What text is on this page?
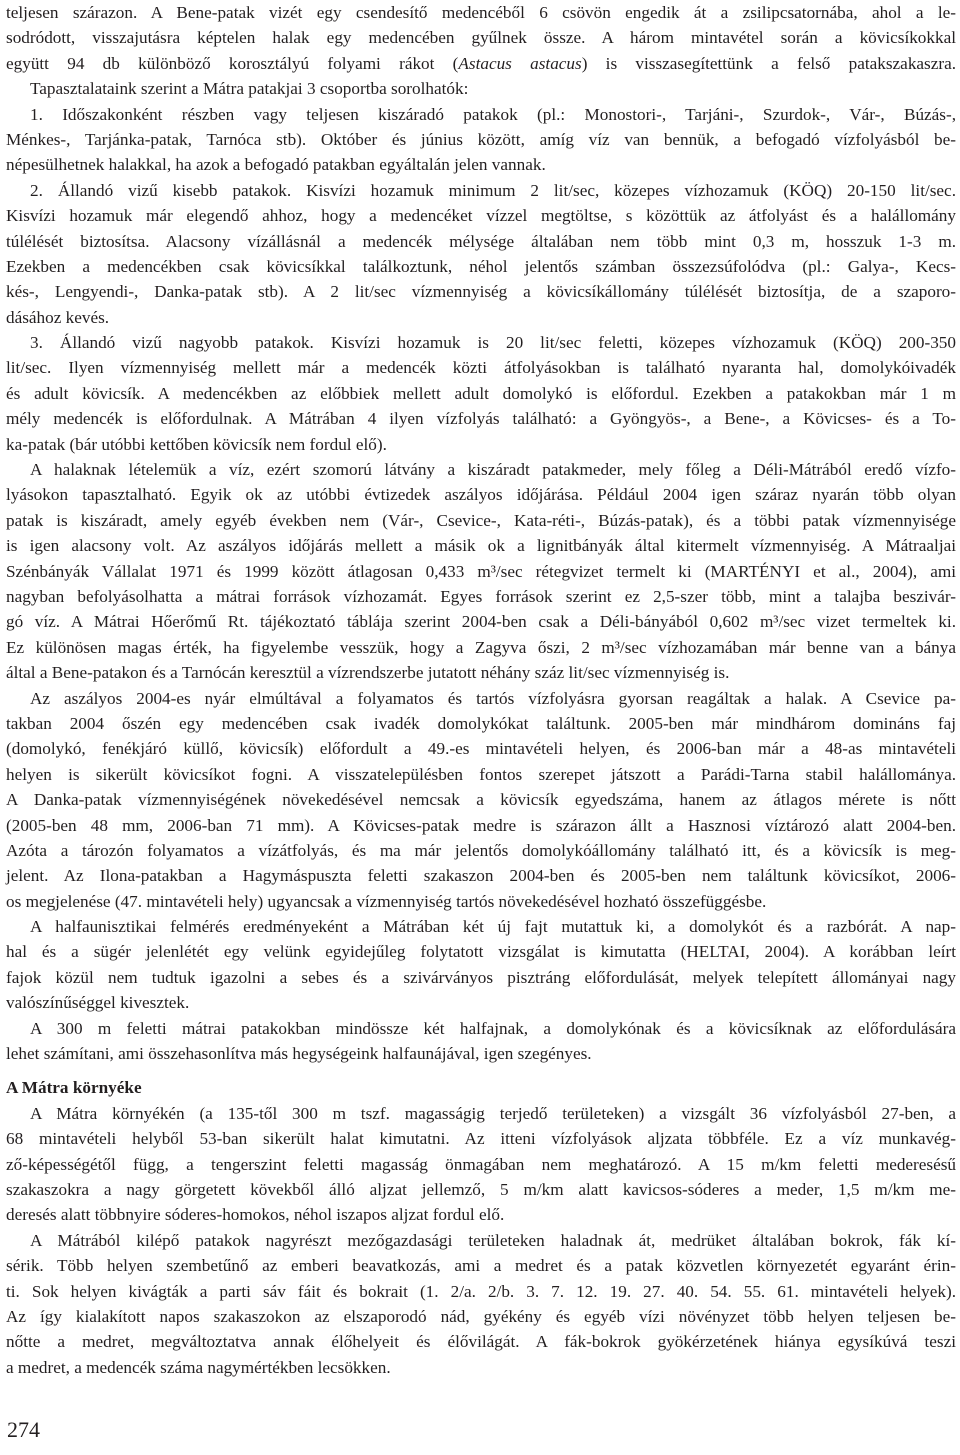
teljesen szárazon. A Bene-patak vizét egy csendesítő medencéből 6 csövön engedik át a zsilipcsatornába, ahol a le-

sodródott, visszajutásra képtelen halak egy medencében gyűlnek össze. A három mintavétel során a kövicsíkokkal

együtt 94 db különböző korosztályú folyami rákot (Astacus astacus) is visszasegítettünk a felső patakszakaszra.

Tapasztalataink szerint a Mátra patakjai 3 csoportba sorolhatók:

1. Időszakonként részben vagy teljesen kiszáradó patakok (pl.: Monostori-, Tarjáni-, Szurdok-, Vár-, Búzás-,

Ménkes-, Tarjánka-patak, Tarnóca stb). Október és június között, amíg víz van bennük, a befogadó vízfolyásból be-

népesülhetnek halakkal, ha azok a befogadó patakban egyáltalán jelen vannak.

2. Állandó vizű kisebb patakok. Kisvízi hozamuk minimum 2 lit/sec, közepes vízhozamuk (KÖQ) 20-150 lit/sec.

Kisvízi hozamuk már elegendő ahhoz, hogy a medencéket vízzel megtöltse, s közöttük az átfolyást és a halállomány

túlélését biztosítsa. Alacsony vízállásnál a medencék mélysége általában nem több mint 0,3 m, hosszuk 1-3 m.

Ezekben a medencékben csak kövicsíkkal találkoztunk, néhol jelentős számban összezsúfolódva (pl.: Galya-, Kecs-

kés-, Lengyendi-, Danka-patak stb). A 2 lit/sec vízmennyiség a kövicsíkállomány túlélését biztosítja, de a szaporo-

dásához kevés.

3. Állandó vizű nagyobb patakok. Kisvízi hozamuk is 20 lit/sec feletti, közepes vízhozamuk (KÖQ) 200-350

lit/sec. Ilyen vízmennyiség mellett már a medencék közti átfolyásokban is található nyaranta hal, domolykóivadék

és adult kövicsík. A medencékben az előbbiek mellett adult domolykó is előfordul. Ezekben a patakokban már 1 m

mély medencék is előfordulnak. A Mátrában 4 ilyen vízfolyás található: a Gyöngyös-, a Bene-, a Kövicses- és a To-

ka-patak (bár utóbbi kettőben kövicsík nem fordul elő).

A halaknak lételemük a víz, ezért szomorú látvány a kiszáradt patakmeder, mely főleg a Déli-Mátrából eredő vízfo-

lyásokon tapasztalható. Egyik ok az utóbbi évtizedek aszályos időjárása. Például 2004 igen száraz nyarán több olyan

patak is kiszáradt, amely egyéb években nem (Vár-, Csevice-, Kata-réti-, Búzás-patak), és a többi patak vízmennyisége

is igen alacsony volt. Az aszályos időjárás mellett a másik ok a lignitbányák által kitermelt vízmennyiség. A Mátraaljai

Szénbányák Vállalat 1971 és 1999 között átlagosan 0,433 m³/sec rétegvizet termelt ki (MARTÉNYI et al., 2004), ami

nagyban befolyásolhatta a mátrai források vízhozamát. Egyes források szerint ez 2,5-szer több, mint a talajba beszivár-

gó víz. A Mátrai Hőerőmű Rt. tájékoztató táblája szerint 2004-ben csak a Déli-bányából 0,602 m³/sec vizet termeltek ki.

Ez különösen magas érték, ha figyelembe vesszük, hogy a Zagyva őszi, 2 m³/sec vízhozamában már benne van a bánya

által a Bene-patakon és a Tarnócán keresztül a vízrendszerbe jutatott néhány száz lit/sec vízmennyiség is.

Az aszályos 2004-es nyár elmúltával a folyamatos és tartós vízfolyásra gyorsan reagáltak a halak. A Csevice pa-

takban 2004 őszén egy medencében csak ivadék domolykókat találtunk. 2005-ben már mindhárom domináns faj

(domolykó, fenékjáró küllő, kövicsík) előfordult a 49.-es mintavételi helyen, és 2006-ban már a 48-as mintavételi

helyen is sikerült kövicsíkot fogni. A visszatelepülésben fontos szerepet játszott a Parádi-Tarna stabil halállománya.

A Danka-patak vízmennyiségének növekedésével nemcsak a kövicsík egyedszáma, hanem az átlagos mérete is nőtt

(2005-ben 48 mm, 2006-ban 71 mm). A Kövicses-patak medre is szárazon állt a Hasznosi víztározó alatt 2004-ben.

Azóta a tározón folyamatos a vízátfolyás, és ma már jelentős domolykóállomány található itt, és a kövicsík is meg-

jelent. Az Ilona-patakban a Hagymáspuszta feletti szakaszon 2004-ben és 2005-ben nem találtunk kövicsíkot, 2006-

os megjelenése (47. mintavételi hely) ugyancsak a vízmennyiség tartós növekedésével hozható összefüggésbe.

A halfaunisztikai felmérés eredményeként a Mátrában két új fajt mutattuk ki, a domolykót és a razbórát. A nap-

hal és a sügér jelenlétét egy velünk egyidejűleg folytatott vizsgálat is kimutatta (HELTAI, 2004). A korábban leírt

fajok közül nem tudtuk igazolni a sebes és a szivárványos pisztráng előfordulását, melyek telepített állományai nagy

valószínűséggel kivesztek.

A 300 m feletti mátrai patakokban mindössze két halfajnak, a domolykónak és a kövicsíknak az előfordulására

lehet számítani, ami összehasonlítva más hegységeink halfaunájával, igen szegényes.

A Mátra környéke

A Mátra környékén (a 135-től 300 m tszf. magasságig terjedő területeken) a vizsgált 36 vízfolyásból 27-ben, a

68 mintavételi helyből 53-ban sikerült halat kimutatni. Az itteni vízfolyások aljzata többféle. Ez a víz munkavég-

ző-képességétől függ, a tengerszint feletti magasság önmagában nem meghatározó. A 15 m/km feletti mederesésű

szakaszokra a nagy görgetett kövekből álló aljzat jellemző, 5 m/km alatt kavicsos-sóderes a meder, 1,5 m/km me-

deresés alatt többnyire sóderes-homokos, néhol iszapos aljzat fordul elő.

A Mátrából kilépő patakok nagyrészt mezőgazdasági területeken haladnak át, medrüket általában bokrok, fák kí-

sérik. Több helyen szembetűnő az emberi beavatkozás, ami a medret és a patak közvetlen környezetét egyaránt érin-

ti. Sok helyen kivágták a parti sáv fáit és bokrait (1. 2/a. 2/b. 3. 7. 12. 19. 27. 40. 54. 55. 61. mintavételi helyek).

Az így kialakított napos szakaszokon az elszaporodó nád, gyékény és egyéb vízi növényzet több helyen teljesen be-

nőtte a medret, megváltoztatva annak élőhelyeit és élővilágát. A fák-bokrok gyökérzetének hiánya egysíkúvá teszi

a medret, a medencék száma nagymértékben lecsökken.

274
